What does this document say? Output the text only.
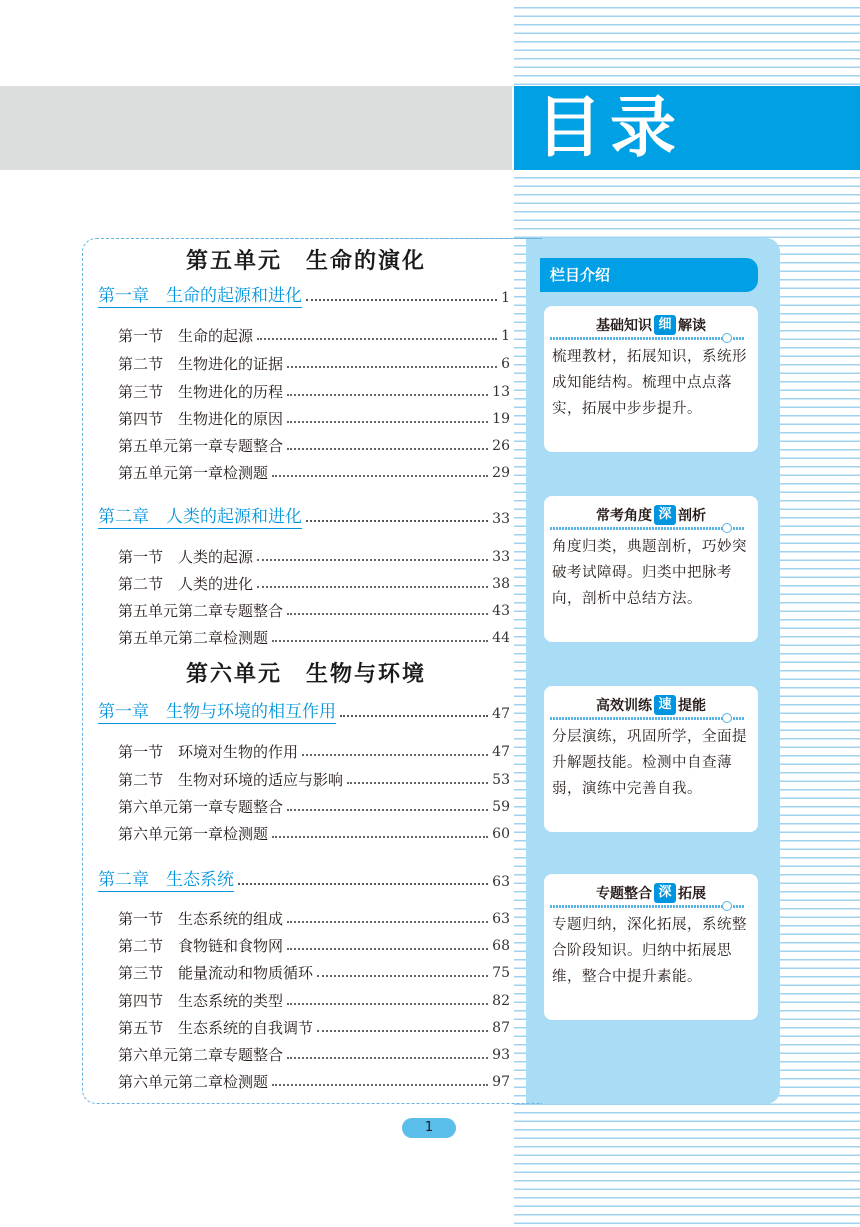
目录
第五单元　生命的演化
第一章　生命的起源和进化	1
第一节　生命的起源	1
第二节　生物进化的证据	6
第三节　生物进化的历程	13
第四节　生物进化的原因	19
第五单元第一章专题整合	26
第五单元第一章检测题	29
第二章　人类的起源和进化	33
第一节　人类的起源	33
第二节　人类的进化	38
第五单元第二章专题整合	43
第五单元第二章检测题	44
第六单元　生物与环境
第一章　生物与环境的相互作用	47
第一节　环境对生物的作用	47
第二节　生物对环境的适应与影响	53
第六单元第一章专题整合	59
第六单元第一章检测题	60
第二章　生态系统	63
第一节　生态系统的组成	63
第二节　食物链和食物网	68
第三节　能量流动和物质循环	75
第四节　生态系统的类型	82
第五节　生态系统的自我调节	87
第六单元第二章专题整合	93
第六单元第二章检测题	97
栏目介绍
基础知识 细 解读
梳理教材，拓展知识，系统形成知能结构。梳理中点点落实，拓展中步步提升。
常考角度 深 剖析
角度归类，典题剖析，巧妙突破考试障碍。归类中把脉考向，剖析中总结方法。
高效训练 速 提能
分层演练，巩固所学，全面提升解题技能。检测中自查薄弱，演练中完善自我。
专题整合 深 拓展
专题归纳，深化拓展，系统整合阶段知识。归纳中拓展思维，整合中提升素能。
1
